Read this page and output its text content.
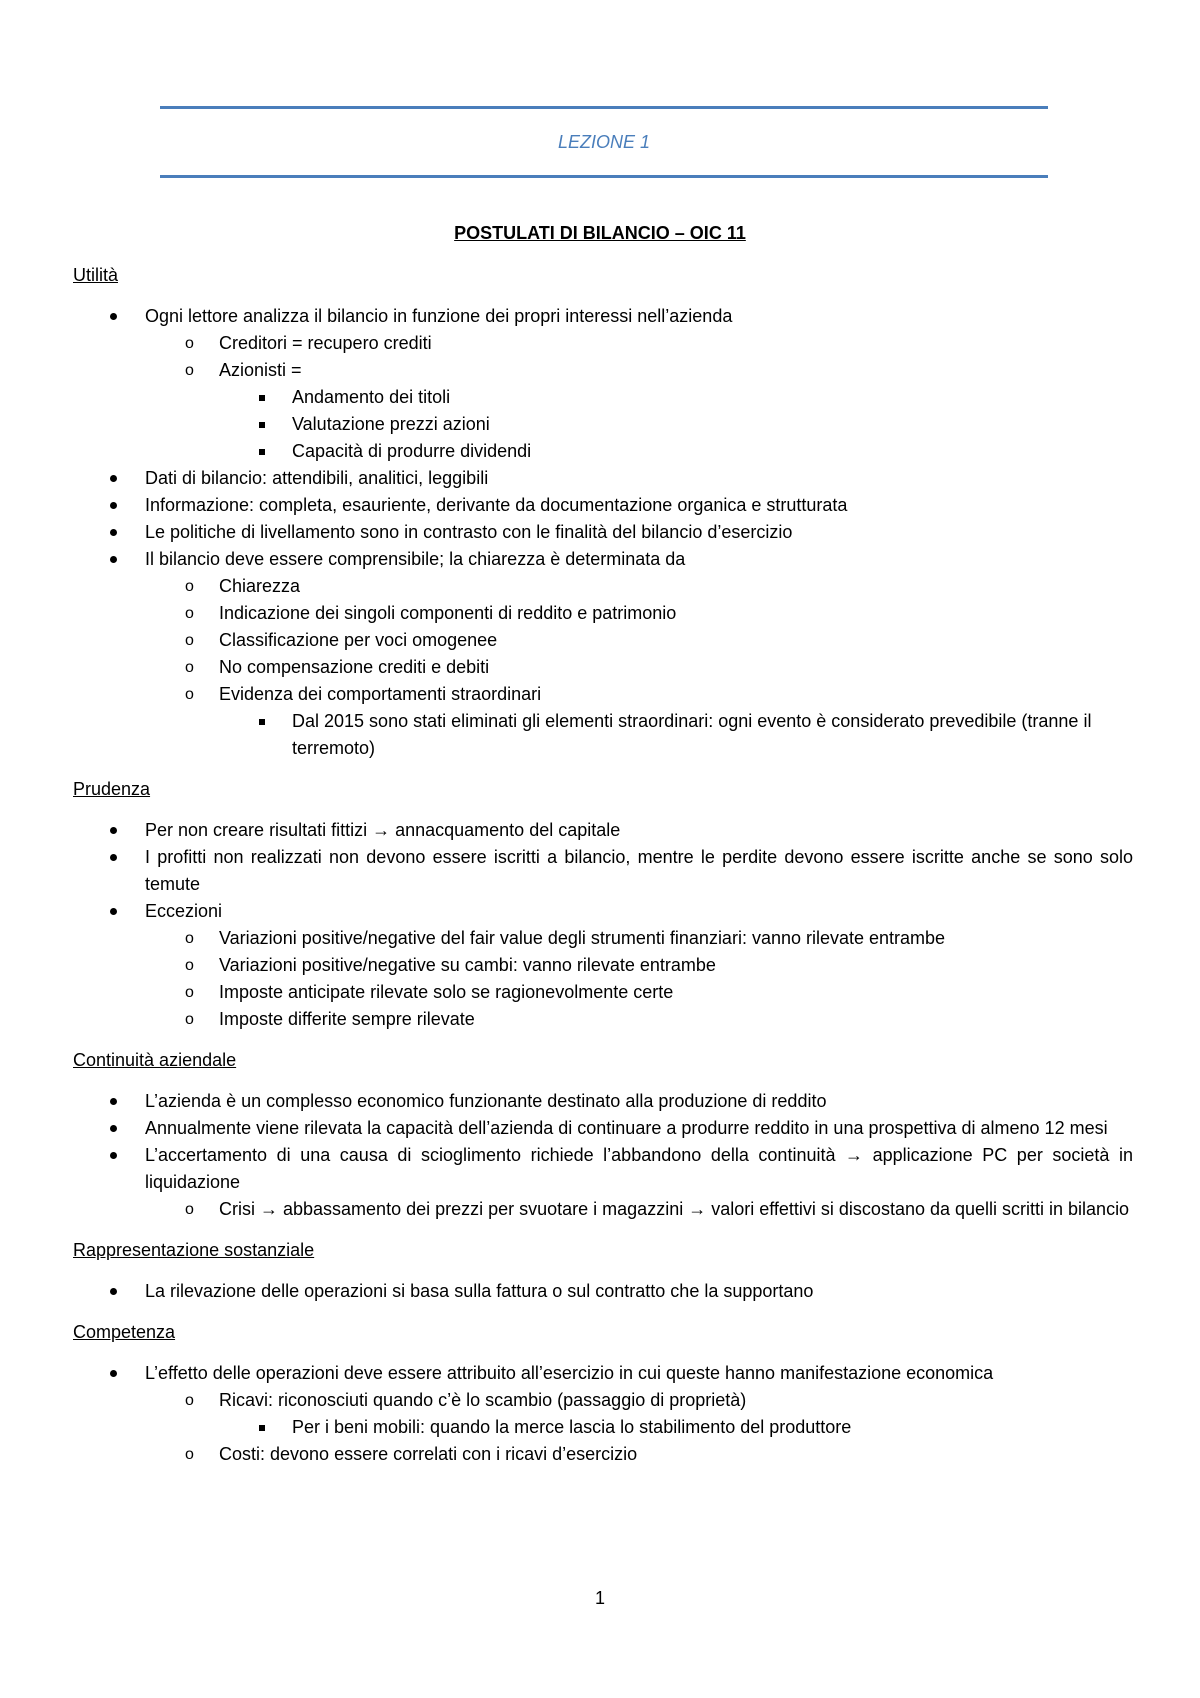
LEZIONE 1
POSTULATI DI BILANCIO – OIC 11
Utilità
Ogni lettore analizza il bilancio in funzione dei propri interessi nell’azienda
o Creditori = recupero crediti
o Azionisti =
Andamento dei titoli
Valutazione prezzi azioni
Capacità di produrre dividendi
Dati di bilancio: attendibili, analitici, leggibili
Informazione: completa, esauriente, derivante da documentazione organica e strutturata
Le politiche di livellamento sono in contrasto con le finalità del bilancio d’esercizio
Il bilancio deve essere comprensibile; la chiarezza è determinata da
o Chiarezza
o Indicazione dei singoli componenti di reddito e patrimonio
o Classificazione per voci omogenee
o No compensazione crediti e debiti
o Evidenza dei comportamenti straordinari
Dal 2015 sono stati eliminati gli elementi straordinari: ogni evento è considerato prevedibile (tranne il terremoto)
Prudenza
Per non creare risultati fittizi → annacquamento del capitale
I profitti non realizzati non devono essere iscritti a bilancio, mentre le perdite devono essere iscritte anche se sono solo temute
Eccezioni
o Variazioni positive/negative del fair value degli strumenti finanziari: vanno rilevate entrambe
o Variazioni positive/negative su cambi: vanno rilevate entrambe
o Imposte anticipate rilevate solo se ragionevolmente certe
o Imposte differite sempre rilevate
Continuità aziendale
L’azienda è un complesso economico funzionante destinato alla produzione di reddito
Annualmente viene rilevata la capacità dell’azienda di continuare a produrre reddito in una prospettiva di almeno 12 mesi
L’accertamento di una causa di scioglimento richiede l’abbandono della continuità → applicazione PC per società in liquidazione
o Crisi → abbassamento dei prezzi per svuotare i magazzini → valori effettivi si discostano da quelli scritti in bilancio
Rappresentazione sostanziale
La rilevazione delle operazioni si basa sulla fattura o sul contratto che la supportano
Competenza
L’effetto delle operazioni deve essere attribuito all’esercizio in cui queste hanno manifestazione economica
o Ricavi: riconosciuti quando c’è lo scambio (passaggio di proprietà)
Per i beni mobili: quando la merce lascia lo stabilimento del produttore
o Costi: devono essere correlati con i ricavi d’esercizio
1
